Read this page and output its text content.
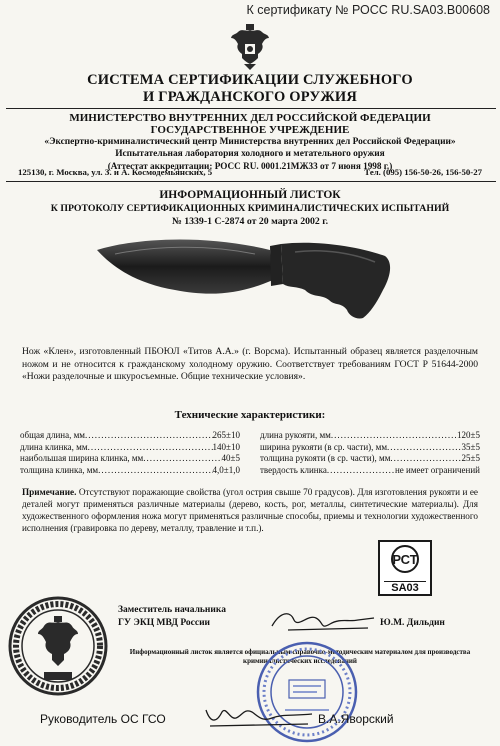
К сертификату № РОСС RU.SA03.B00608
СИСТЕМА СЕРТИФИКАЦИИ СЛУЖЕБНОГО
И ГРАЖДАНСКОГО ОРУЖИЯ
МИНИСТЕРСТВО ВНУТРЕННИХ ДЕЛ РОССИЙСКОЙ ФЕДЕРАЦИИ
ГОСУДАРСТВЕННОЕ УЧРЕЖДЕНИЕ
«Экспертно-криминалистический центр Министерства внутренних дел Российской Федерации»
Испытательная лаборатория холодного и метательного оружия
(Аттестат аккредитации: РОСС RU. 0001.21МЖ33 от 7 июня 1998 г.)
125130, г. Москва, ул. З. и А. Космодемьянских, 5	Тел. (095) 156-50-26, 156-50-27
ИНФОРМАЦИОННЫЙ ЛИСТОК
К ПРОТОКОЛУ СЕРТИФИКАЦИОННЫХ КРИМИНАЛИСТИЧЕСКИХ ИСПЫТАНИЙ
№ 1339-1 С-2874 от 20 марта 2002 г.
Нож «Клен», изготовленный ПБОЮЛ «Титов А.А.» (г. Ворсма). Испытанный образец является разделочным ножом и не относится к гражданскому холодному оружию. Соответствует требованиям ГОСТ Р 51644-2000 «Ножи разделочные и шкуросъемные. Общие технические условия».
Технические характеристики:
общая длина, мм .....	265±10
длина клинка, мм .....	140±10
наибольшая ширина клинка, мм .....	40±5
толщина клинка, мм .....	4,0±1,0
длина рукояти, мм .....	120±5
ширина рукояти (в ср. части), мм .....	35±5
толщина рукояти (в ср. части), мм .....	25±5
твердость клинка .....	не имеет ограничений
Примечание. Отсутствуют поражающие свойства (угол острия свыше 70 градусов). Для изготовления рукояти и ее деталей могут применяться различные материалы (дерево, кость, рог, металлы, синтетические материалы). Для художественного оформления ножа могут применяться различные способы, приемы и технологии художественного исполнения (гравировка по дереву, металлу, травление и т.п.).
РСТ
SA03
Заместитель начальника
ГУ ЭКЦ МВД России	Ю.М. Дильдин
Информационный листок является официальным справочно-методическим материалом для производства криминалистических исследований
Руководитель ОС ГСО	В.А.Яворский
